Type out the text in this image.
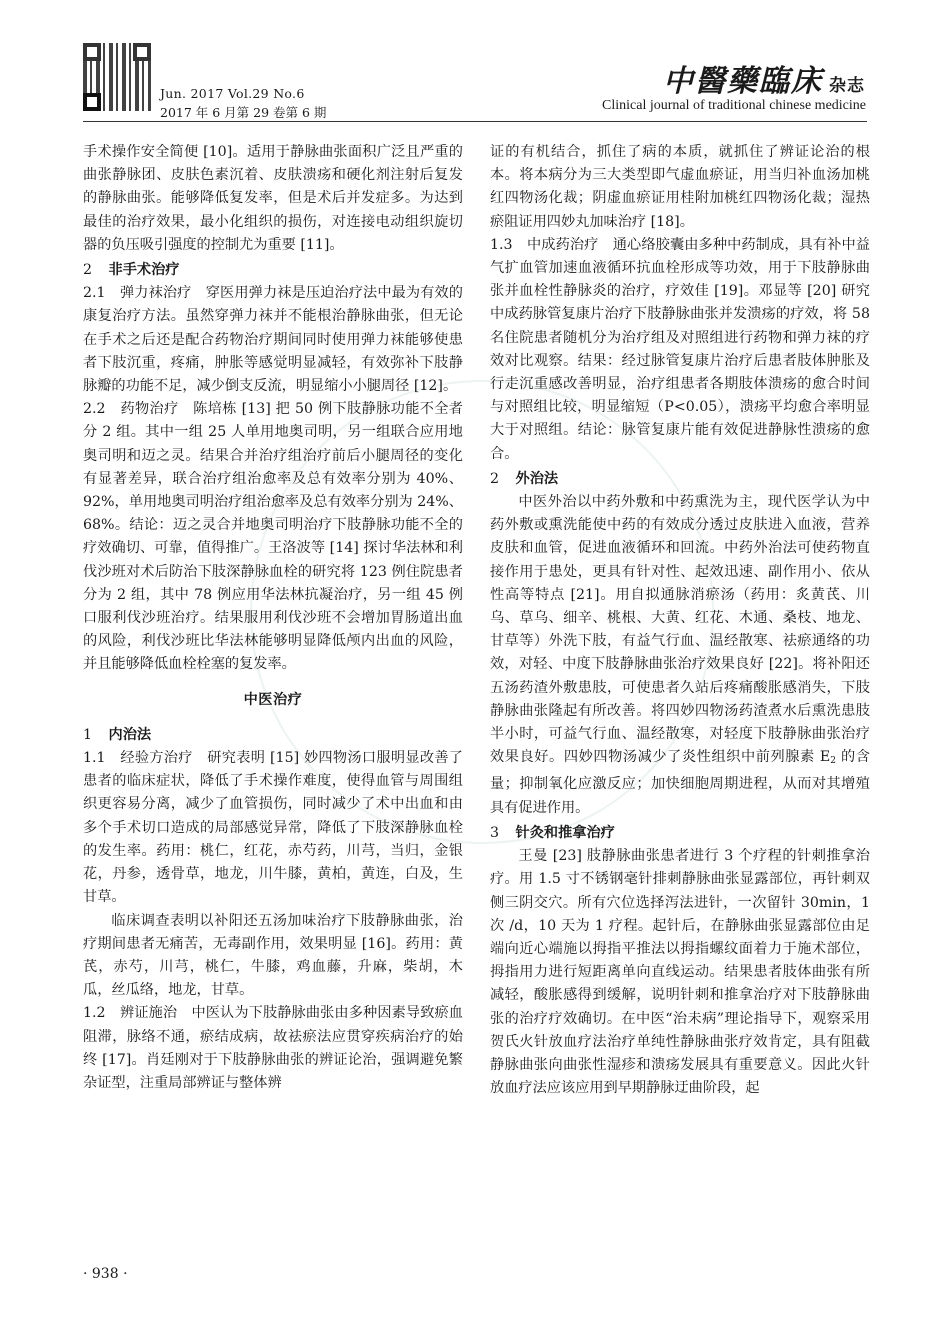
Jun. 2017 Vol.29 No.6
2017 年 6 月第 29 卷第 6 期
中醫藥臨床 杂志
Clinical journal of traditional chinese medicine

手术操作安全简便 [10]。适用于静脉曲张面积广泛且严重的曲张静脉团、皮肤色素沉着、皮肤溃疡和硬化剂注射后复发的静脉曲张。能够降低复发率，但是术后并发症多。为达到最佳的治疗效果，最小化组织的损伤，对连接电动组织旋切器的负压吸引强度的控制尤为重要 [11]。

2 非手术治疗

2.1　弹力袜治疗　穿医用弹力袜是压迫治疗法中最为有效的康复治疗方法。虽然穿弹力袜并不能根治静脉曲张，但无论在手术之后还是配合药物治疗期间同时使用弹力袜能够使患者下肢沉重，疼痛，肿胀等感觉明显减轻，有效弥补下肢静脉瓣的功能不足，减少倒支反流，明显缩小小腿周径 [12]。

2.2　药物治疗　陈培栋 [13] 把 50 例下肢静脉功能不全者分 2 组。其中一组 25 人单用地奥司明，另一组联合应用地奥司明和迈之灵。结果合并治疗组治疗前后小腿周径的变化有显著差异，联合治疗组治愈率及总有效率分别为 40%、92%，单用地奥司明治疗组治愈率及总有效率分别为 24%、68%。结论：迈之灵合并地奥司明治疗下肢静脉功能不全的疗效确切、可靠，值得推广。王洛波等 [14] 探讨华法林和利伐沙班对术后防治下肢深静脉血栓的研究将 123 例住院患者分为 2 组，其中 78 例应用华法林抗凝治疗，另一组 45 例口服利伐沙班治疗。结果服用利伐沙班不会增加胃肠道出血的风险，利伐沙班比华法林能够明显降低颅内出血的风险，并且能够降低血栓栓塞的复发率。

中医治疗

1 内治法

1.1　经验方治疗　研究表明 [15] 妙四物汤口服明显改善了患者的临床症状，降低了手术操作难度，使得血管与周围组织更容易分离，减少了血管损伤，同时减少了术中出血和由多个手术切口造成的局部感觉异常，降低了下肢深静脉血栓的发生率。药用：桃仁，红花，赤芍药，川芎，当归，金银花，丹参，透骨草，地龙，川牛膝，黄柏，黄连，白及，生甘草。

临床调查表明以补阳还五汤加味治疗下肢静脉曲张，治疗期间患者无痛苦，无毒副作用，效果明显 [16]。药用：黄芪，赤芍，川芎，桃仁，牛膝，鸡血藤，升麻，柴胡，木瓜，丝瓜络，地龙，甘草。

1.2　辨证施治　中医认为下肢静脉曲张由多种因素导致瘀血阻滞，脉络不通，瘀结成病，故祛瘀法应贯穿疾病治疗的始终 [17]。肖廷刚对于下肢静脉曲张的辨证论治，强调避免繁杂证型，注重局部辨证与整体辨

证的有机结合，抓住了病的本质，就抓住了辨证论治的根本。将本病分为三大类型即气虚血瘀证，用当归补血汤加桃红四物汤化裁；阴虚血瘀证用桂附加桃红四物汤化裁；湿热瘀阻证用四妙丸加味治疗 [18]。

1.3　中成药治疗　通心络胶囊由多种中药制成，具有补中益气扩血管加速血液循环抗血栓形成等功效，用于下肢静脉曲张并血栓性静脉炎的治疗，疗效佳 [19]。邓显等 [20] 研究中成药脉管复康片治疗下肢静脉曲张并发溃疡的疗效，将 58 名住院患者随机分为治疗组及对照组进行药物和弹力袜的疗效对比观察。结果：经过脉管复康片治疗后患者肢体肿胀及行走沉重感改善明显，治疗组患者各期肢体溃疡的愈合时间与对照组比较，明显缩短（P<0.05），溃疡平均愈合率明显大于对照组。结论：脉管复康片能有效促进静脉性溃疡的愈合。

2 外治法

中医外治以中药外敷和中药熏洗为主，现代医学认为中药外敷或熏洗能使中药的有效成分透过皮肤进入血液，营养皮肤和血管，促进血液循环和回流。中药外治法可使药物直接作用于患处，更具有针对性、起效迅速、副作用小、依从性高等特点 [21]。用自拟通脉消瘀汤（药用：炙黄芪、川乌、草乌、细辛、桃根、大黄、红花、木通、桑枝、地龙、甘草等）外洗下肢，有益气行血、温经散寒、祛瘀通络的功效，对轻、中度下肢静脉曲张治疗效果良好 [22]。将补阳还五汤药渣外敷患肢，可使患者久站后疼痛酸胀感消失，下肢静脉曲张隆起有所改善。将四妙四物汤药渣煮水后熏洗患肢半小时，可益气行血、温经散寒，对轻度下肢静脉曲张治疗效果良好。四妙四物汤减少了炎性组织中前列腺素 $E_2$ 的含量；抑制氧化应激反应；加快细胞周期进程，从而对其增殖具有促进作用。

3 针灸和推拿治疗

王曼 [23] 肢静脉曲张患者进行 3 个疗程的针刺推拿治疗。用 1.5 寸不锈钢毫针排刺静脉曲张显露部位，再针刺双侧三阴交穴。所有穴位选择泻法进针，一次留针 30min，1 次 /d，10 天为 1 疗程。起针后，在静脉曲张显露部位由足端向近心端施以拇指平推法以拇指螺纹面着力于施术部位，拇指用力进行短距离单向直线运动。结果患者肢体曲张有所减轻，酸胀感得到缓解，说明针刺和推拿治疗对下肢静脉曲张的治疗疗效确切。在中医“治未病”理论指导下，观察采用贺氏火针放血疗法治疗单纯性静脉曲张疗效肯定，具有阻截静脉曲张向曲张性湿疹和溃疡发展具有重要意义。因此火针放血疗法应该应用到早期静脉迂曲阶段，起

· 938 ·
